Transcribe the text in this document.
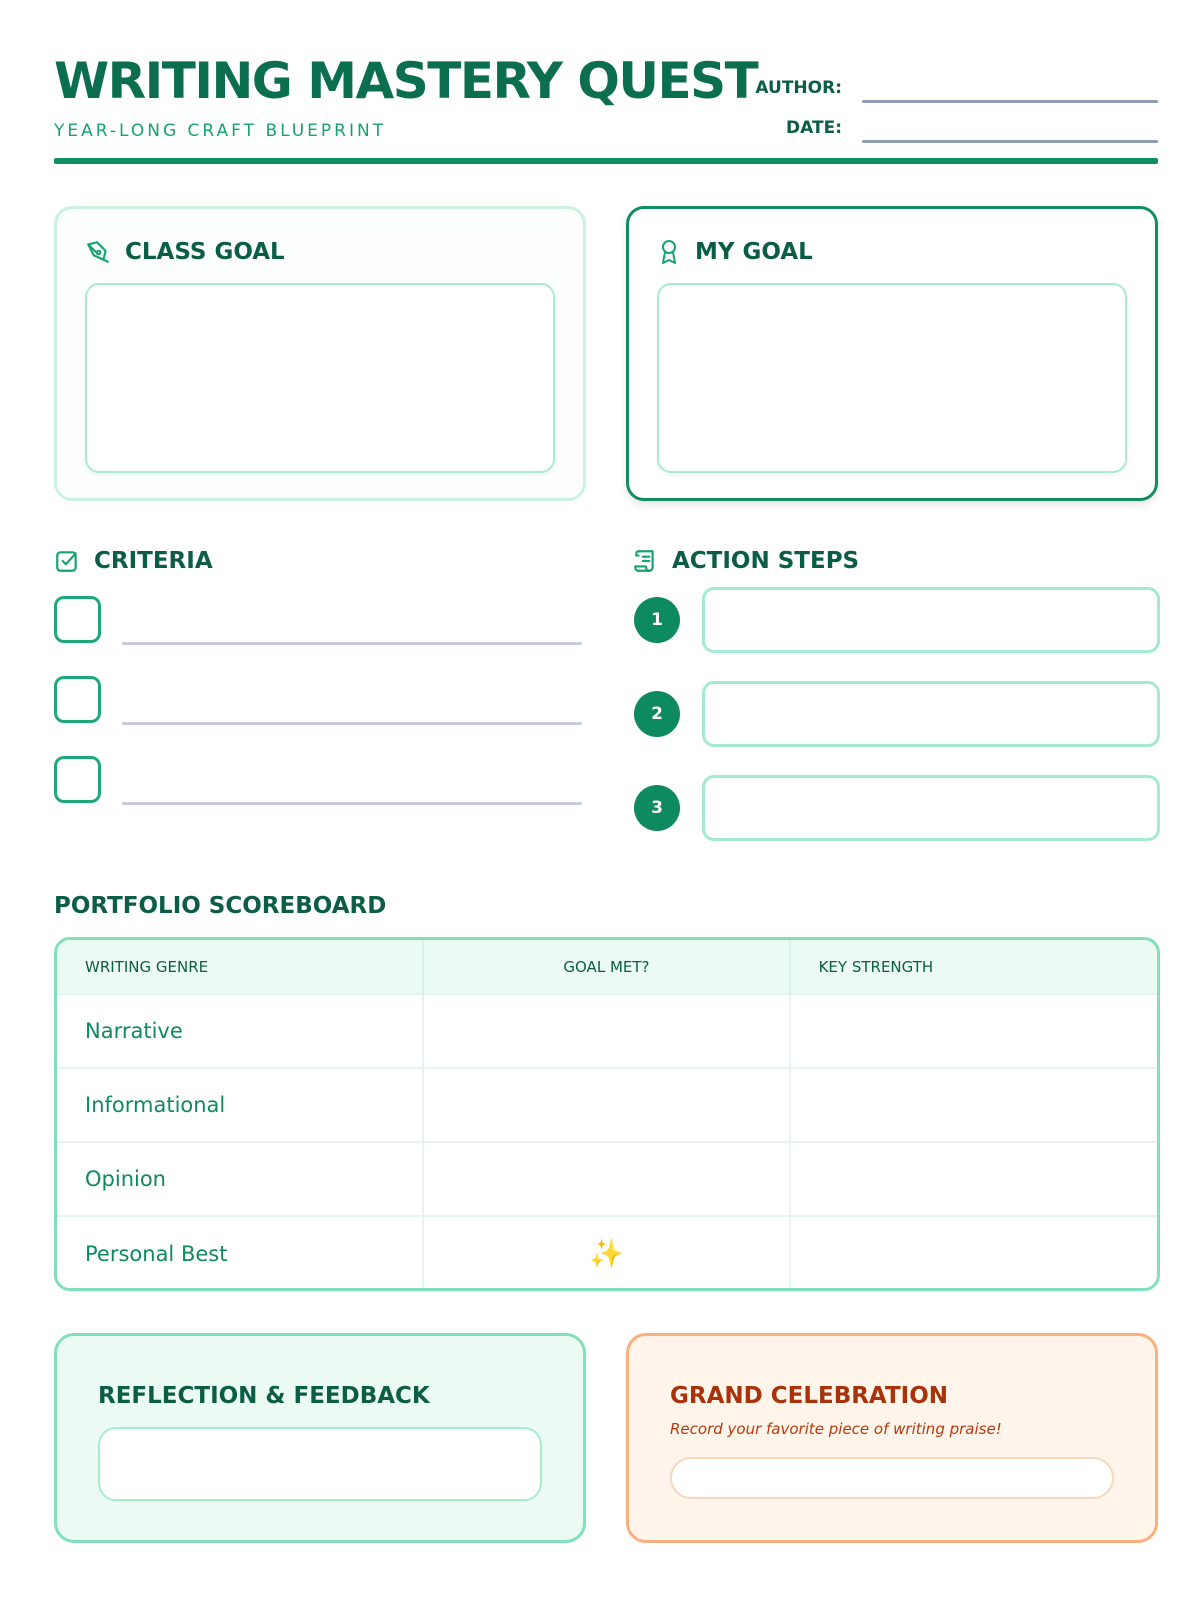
WRITING MASTERY QUEST
YEAR-LONG CRAFT BLUEPRINT
AUTHOR:
DATE:
CLASS GOAL	MY GOAL
CRITERIA	ACTION STEPS
1
2
3
PORTFOLIO SCOREBOARD
WRITING GENRE	GOAL MET?	KEY STRENGTH
Narrative		
Informational		
Opinion		
Personal Best	✨	
REFLECTION & FEEDBACK	GRAND CELEBRATION
Record your favorite piece of writing praise!
